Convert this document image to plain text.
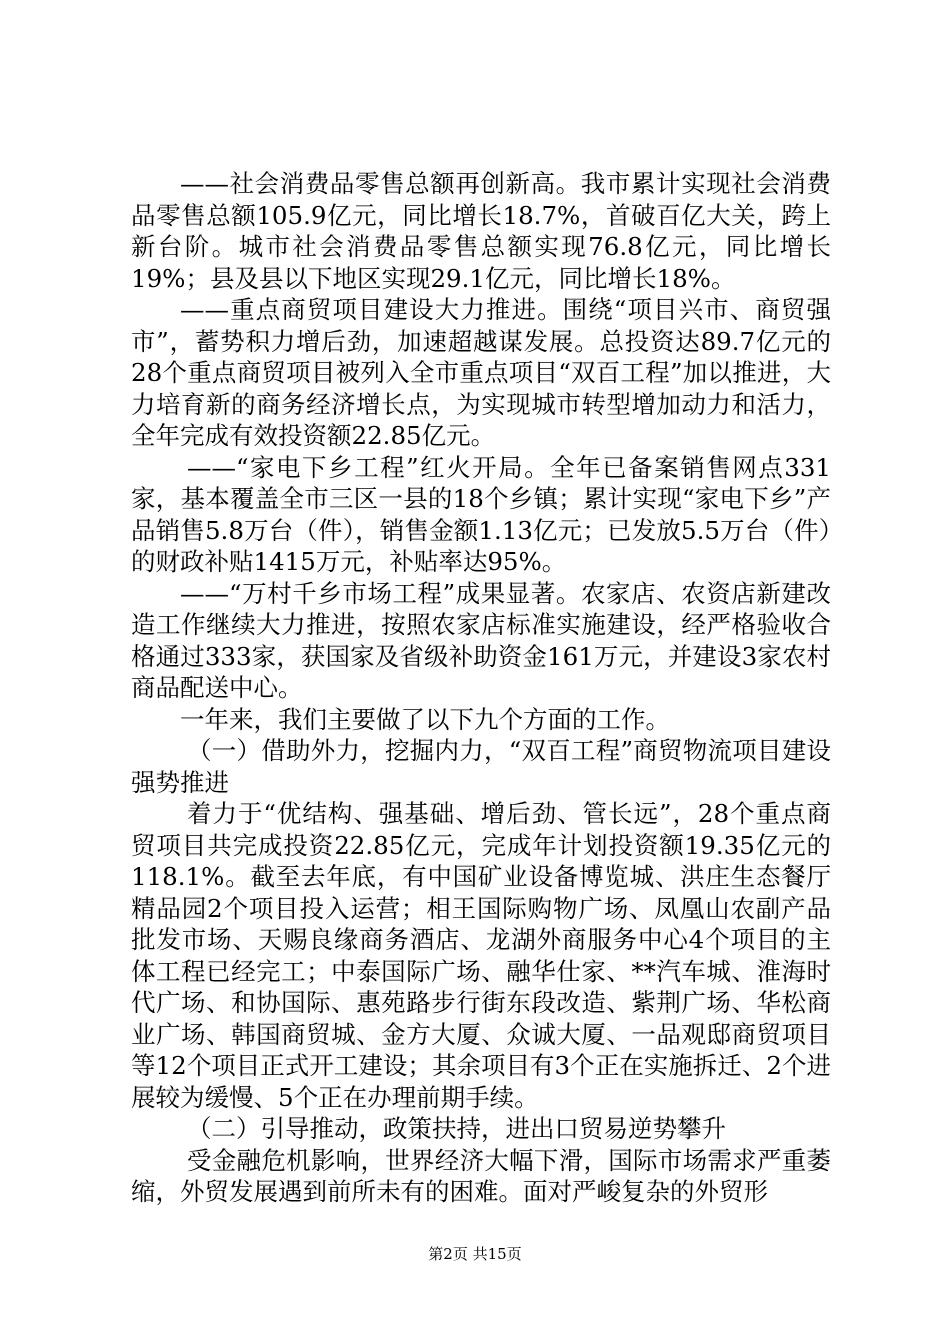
——社会消费品零售总额再创新高。我市累计实现社会消费品零售总额105.9亿元，同比增长18.7%，首破百亿大关，跨上新台阶。城市社会消费品零售总额实现76.8亿元，同比增长19%；县及县以下地区实现29.1亿元，同比增长18%。

——重点商贸项目建设大力推进。围绕“项目兴市、商贸强市”，蓄势积力增后劲，加速超越谋发展。总投资达89.7亿元的28个重点商贸项目被列入全市重点项目“双百工程”加以推进，大力培育新的商务经济增长点，为实现城市转型增加动力和活力，全年完成有效投资额22.85亿元。

——“家电下乡工程”红火开局。全年已备案销售网点331家，基本覆盖全市三区一县的18个乡镇；累计实现“家电下乡”产品销售5.8万台（件），销售金额1.13亿元；已发放5.5万台（件）的财政补贴1415万元，补贴率达95%。

——“万村千乡市场工程”成果显著。农家店、农资店新建改造工作继续大力推进，按照农家店标准实施建设，经严格验收合格通过333家，获国家及省级补助资金161万元，并建设3家农村商品配送中心。

一年来，我们主要做了以下九个方面的工作。

（一）借助外力，挖掘内力，“双百工程”商贸物流项目建设强势推进

着力于“优结构、强基础、增后劲、管长远”，28个重点商贸项目共完成投资22.85亿元，完成年计划投资额19.35亿元的118.1%。截至去年底，有中国矿业设备博览城、洪庄生态餐厅精品园2个项目投入运营；相王国际购物广场、凤凰山农副产品批发市场、天赐良缘商务酒店、龙湖外商服务中心4个项目的主体工程已经完工；中泰国际广场、融华仕家、**汽车城、淮海时代广场、和协国际、惠苑路步行街东段改造、紫荆广场、华松商业广场、韩国商贸城、金方大厦、众诚大厦、一品观邸商贸项目等12个项目正式开工建设；其余项目有3个正在实施拆迁、2个进展较为缓慢、5个正在办理前期手续。

（二）引导推动，政策扶持，进出口贸易逆势攀升

受金融危机影响，世界经济大幅下滑，国际市场需求严重萎缩，外贸发展遇到前所未有的困难。面对严峻复杂的外贸形

第2页 共15页
